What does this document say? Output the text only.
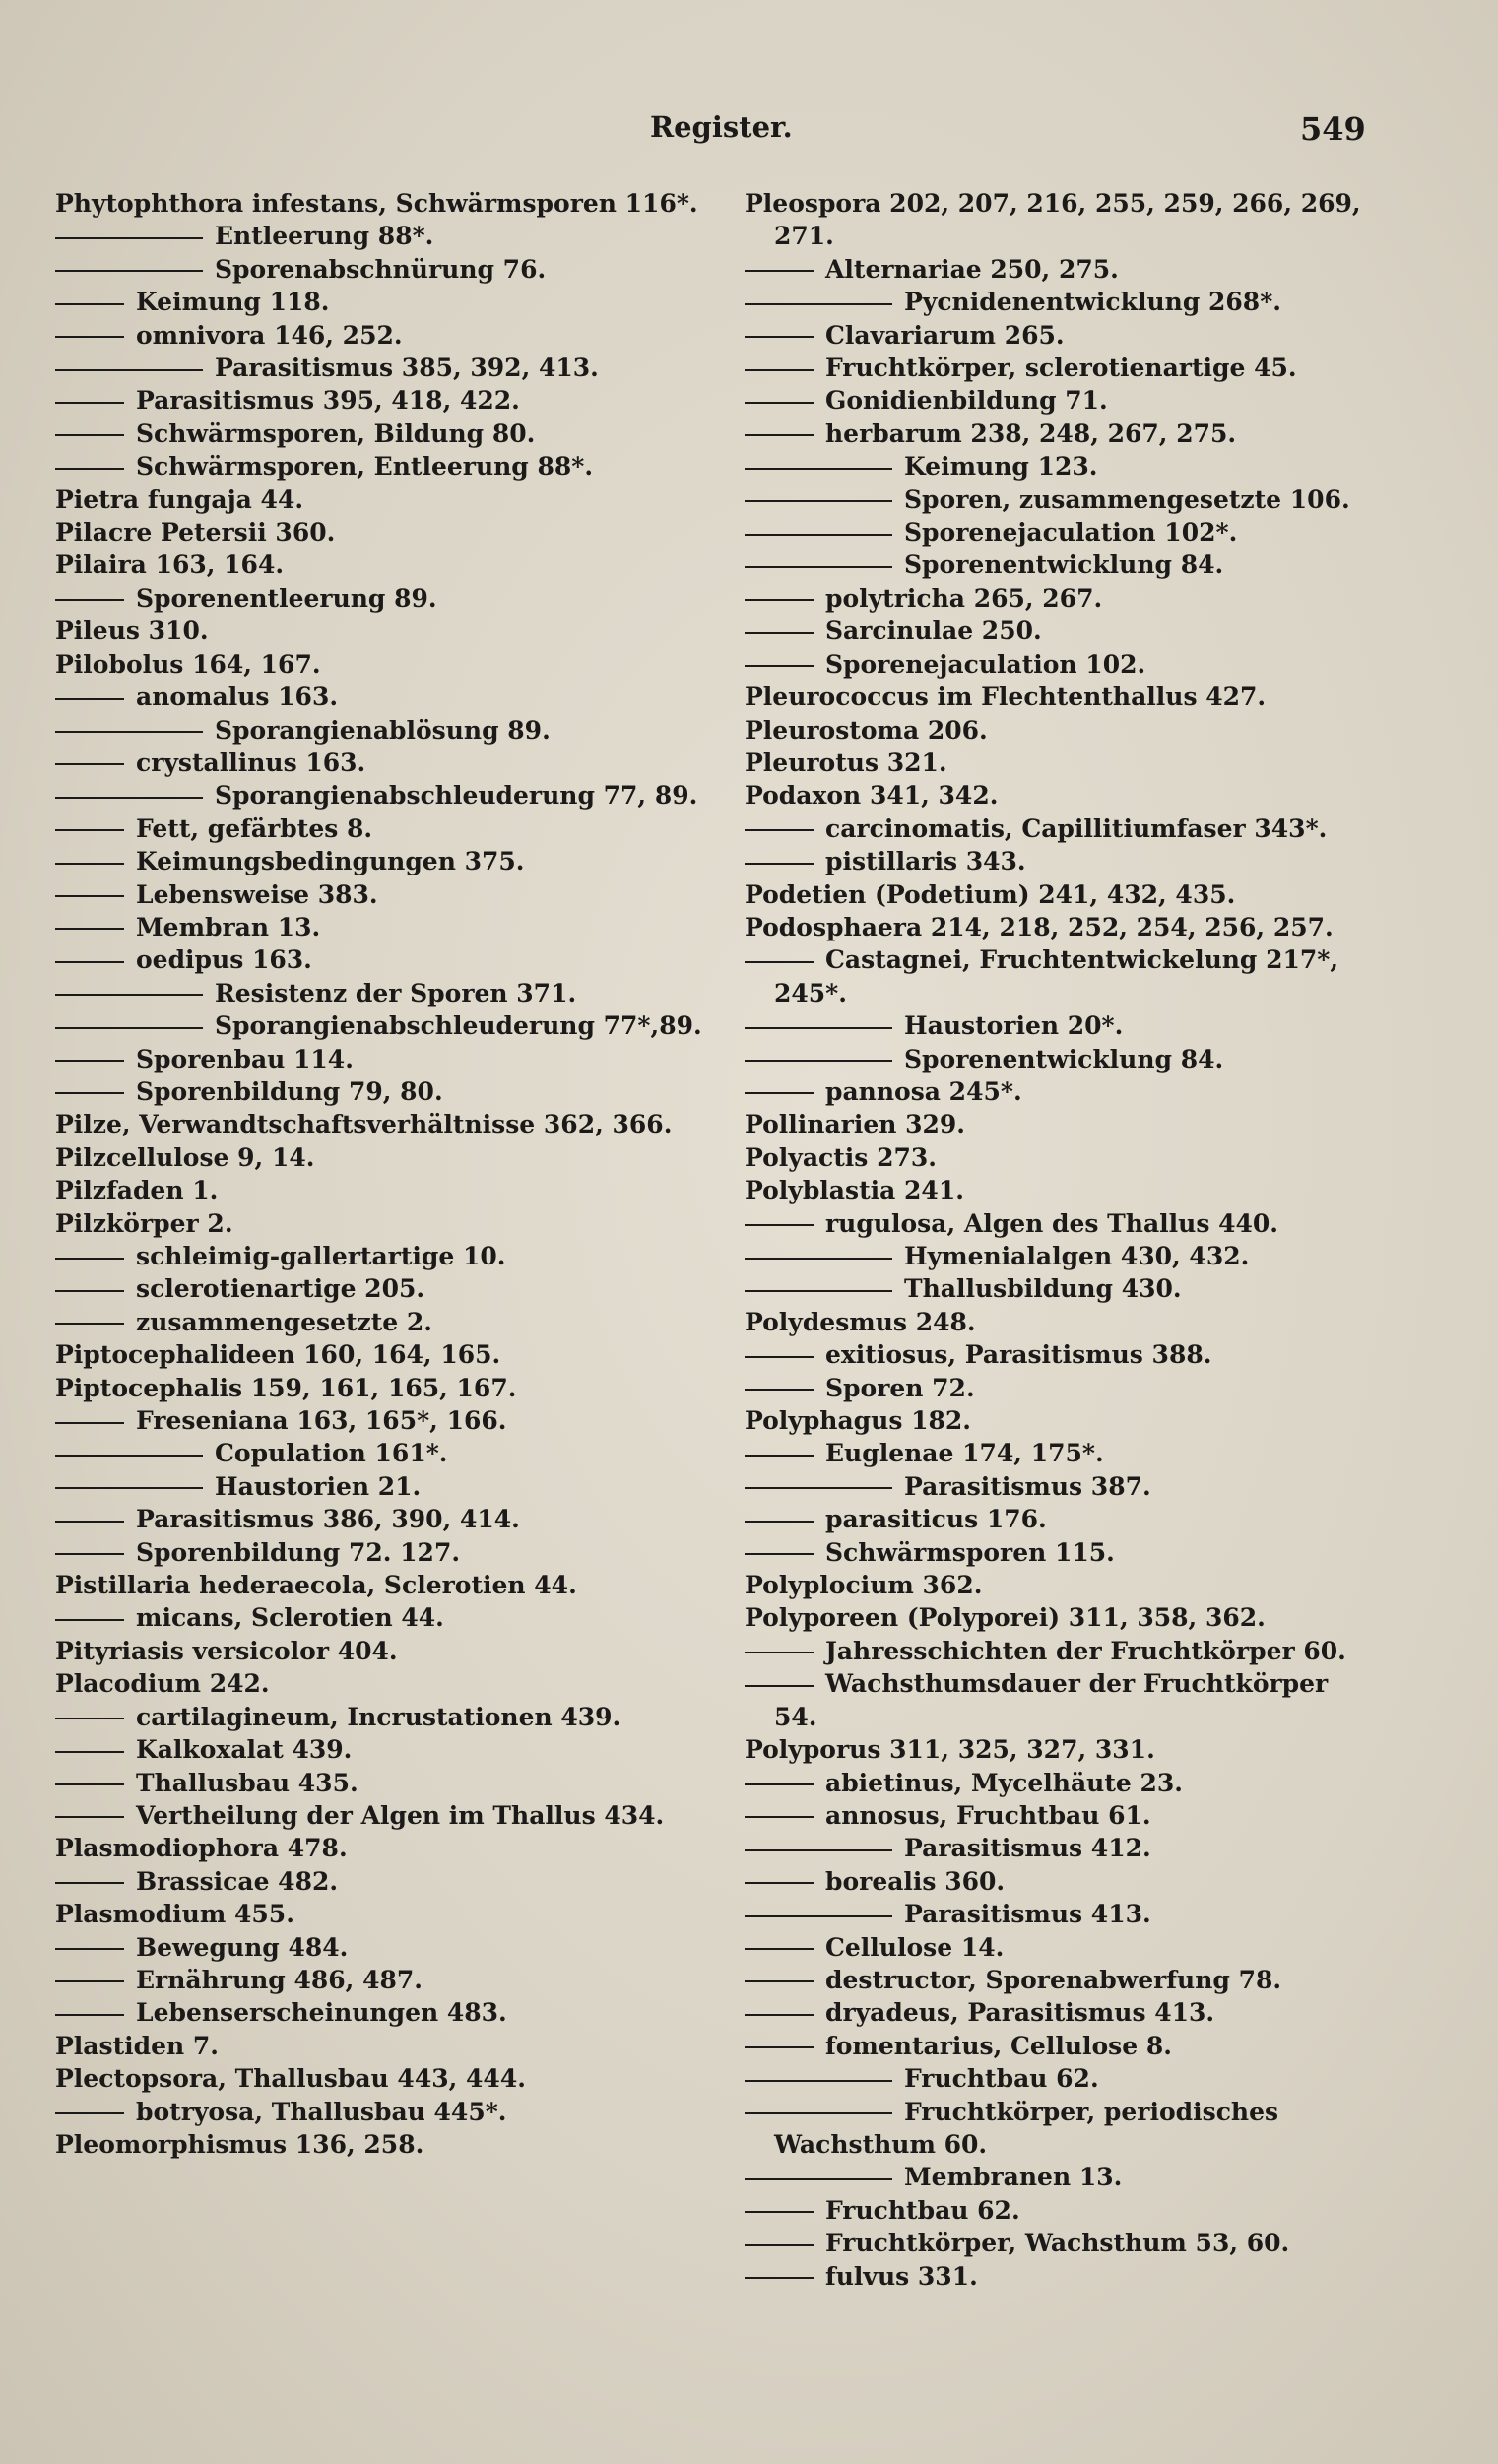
Register.	549
Phytophthora infestans, Schwärmsporen 116*.
Entleerung 88*.
Sporenabschnürung 76.
Keimung 118.
omnivora 146, 252.
Parasitismus 385, 392, 413.
Parasitismus 395, 418, 422.
Schwärmsporen, Bildung 80.
Schwärmsporen, Entleerung 88*.
Pietra fungaja 44.
Pilacre Petersii 360.
Pilaira 163, 164.
Sporenentleerung 89.
Pileus 310.
Pilobolus 164, 167.
anomalus 163.
Sporangienablösung 89.
crystallinus 163.
Sporangienabschleuderung 77, 89.
Fett, gefärbtes 8.
Keimungsbedingungen 375.
Lebensweise 383.
Membran 13.
oedipus 163.
Resistenz der Sporen 371.
Sporangienabschleuderung 77*,89.
Sporenbau 114.
Sporenbildung 79, 80.
Pilze, Verwandtschaftsverhältnisse 362, 366.
Pilzcellulose 9, 14.
Pilzfaden 1.
Pilzkörper 2.
schleimig-gallertartige 10.
sclerotienartige 205.
zusammengesetzte 2.
Piptocephalideen 160, 164, 165.
Piptocephalis 159, 161, 165, 167.
Freseniana 163, 165*, 166.
Copulation 161*.
Haustorien 21.
Parasitismus 386, 390, 414.
Sporenbildung 72. 127.
Pistillaria hederaecola, Sclerotien 44.
micans, Sclerotien 44.
Pityriasis versicolor 404.
Placodium 242.
cartilagineum, Incrustationen 439.
Kalkoxalat 439.
Thallusbau 435.
Vertheilung der Algen im Thallus 434.
Plasmodiophora 478.
Brassicae 482.
Plasmodium 455.
Bewegung 484.
Ernährung 486, 487.
Lebenserscheinungen 483.
Plastiden 7.
Plectopsora, Thallusbau 443, 444.
botryosa, Thallusbau 445*.
Pleomorphismus 136, 258.
Pleospora 202, 207, 216, 255, 259, 266, 269, 271.
Alternariae 250, 275.
Pycnidenentwicklung 268*.
Clavariarum 265.
Fruchtkörper, sclerotienartige 45.
Gonidienbildung 71.
herbarum 238, 248, 267, 275.
Keimung 123.
Sporen, zusammengesetzte 106.
Sporenejaculation 102*.
Sporenentwicklung 84.
polytricha 265, 267.
Sarcinulae 250.
Sporenejaculation 102.
Pleurococcus im Flechtenthallus 427.
Pleurostoma 206.
Pleurotus 321.
Podaxon 341, 342.
carcinomatis, Capillitiumfaser 343*.
pistillaris 343.
Podetien (Podetium) 241, 432, 435.
Podosphaera 214, 218, 252, 254, 256, 257.
Castagnei, Fruchtentwickelung 217*, 245*.
Haustorien 20*.
Sporenentwicklung 84.
pannosa 245*.
Pollinarien 329.
Polyactis 273.
Polyblastia 241.
rugulosa, Algen des Thallus 440.
Hymenialalgen 430, 432.
Thallusbildung 430.
Polydesmus 248.
exitiosus, Parasitismus 388.
Sporen 72.
Polyphagus 182.
Euglenae 174, 175*.
Parasitismus 387.
parasiticus 176.
Schwärmsporen 115.
Polyplocium 362.
Polyporeen (Polyporei) 311, 358, 362.
Jahresschichten der Fruchtkörper 60.
Wachsthumsdauer der Fruchtkörper 54.
Polyporus 311, 325, 327, 331.
abietinus, Mycelhäute 23.
annosus, Fruchtbau 61.
Parasitismus 412.
borealis 360.
Parasitismus 413.
Cellulose 14.
destructor, Sporenabwerfung 78.
dryadeus, Parasitismus 413.
fomentarius, Cellulose 8.
Fruchtbau 62.
Fruchtkörper, periodisches Wachsthum 60.
Membranen 13.
Fruchtbau 62.
Fruchtkörper, Wachsthum 53, 60.
fulvus 331.
